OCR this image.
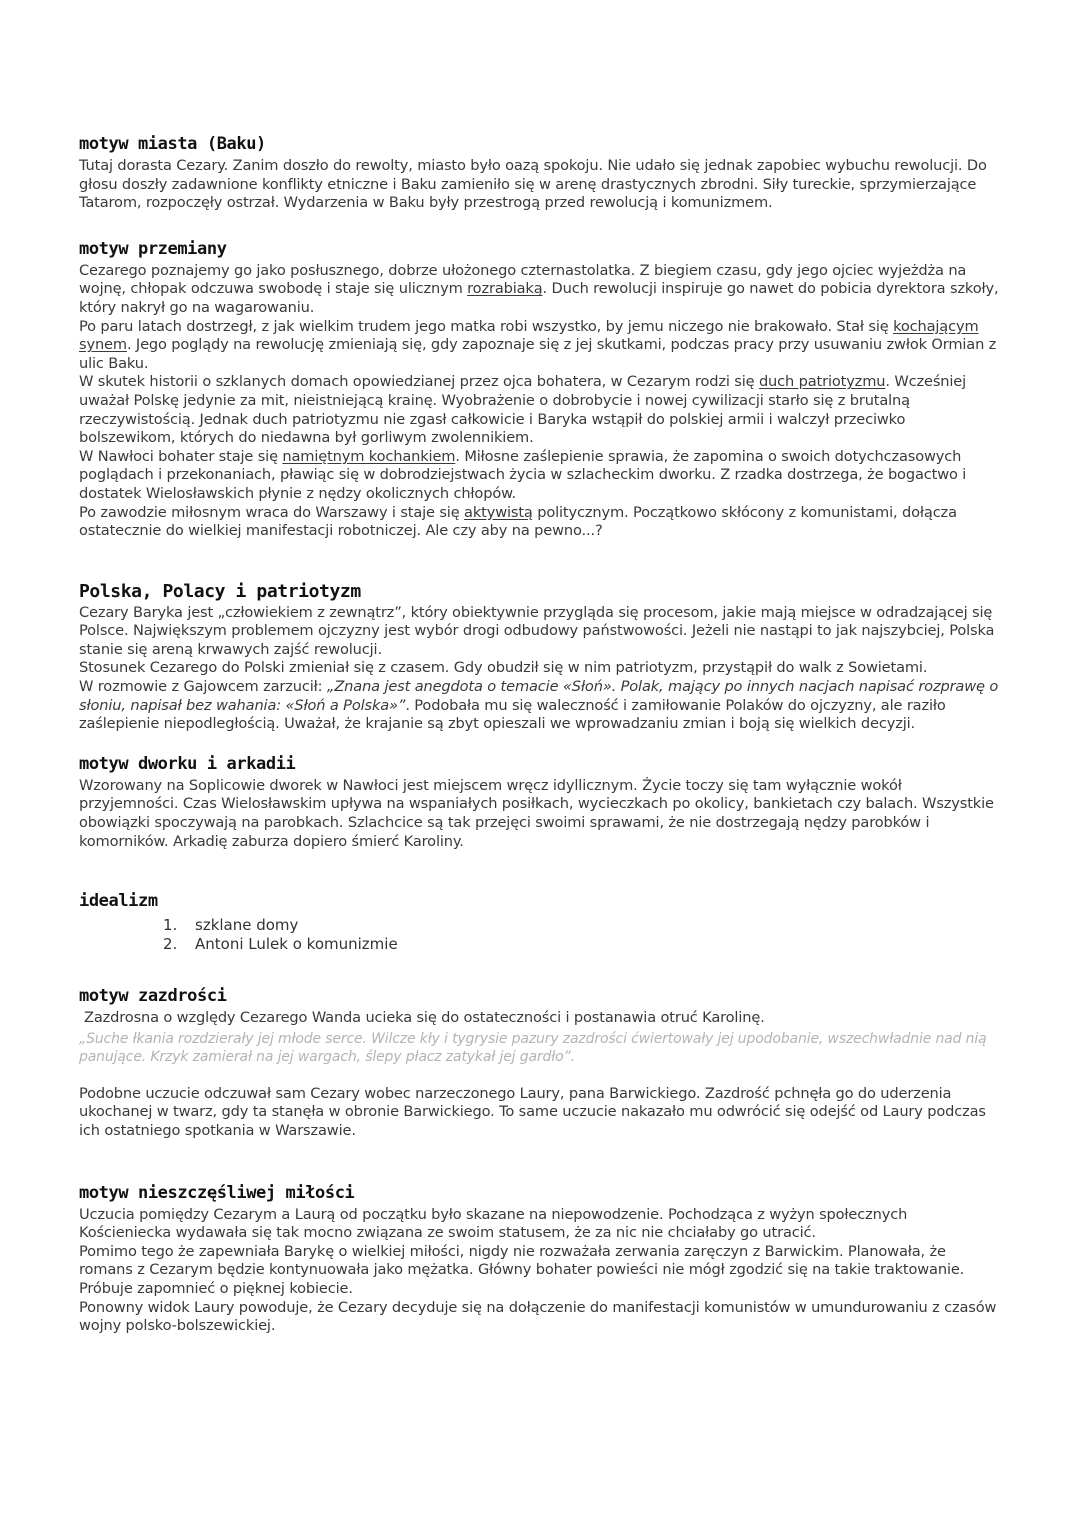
motyw miasta (Baku)

Tutaj dorasta Cezary. Zanim doszło do rewolty, miasto było oazą spokoju. Nie udało się jednak zapobiec wybuchu rewolucji. Do głosu doszły zadawnione konflikty etniczne i Baku zamieniło się w arenę drastycznych zbrodni. Siły tureckie, sprzymierzające Tatarom, rozpoczęły ostrzał. Wydarzenia w Baku były przestrogą przed rewolucją i komunizmem.

motyw przemiany

Cezarego poznajemy go jako posłusznego, dobrze ułożonego czternastolatka. Z biegiem czasu, gdy jego ojciec wyjeżdża na wojnę, chłopak odczuwa swobodę i staje się ulicznym rozrabiaką. Duch rewolucji inspiruje go nawet do pobicia dyrektora szkoły, który nakrył go na wagarowaniu.

Po paru latach dostrzegł, z jak wielkim trudem jego matka robi wszystko, by jemu niczego nie brakowało. Stał się kochającym synem. Jego poglądy na rewolucję zmieniają się, gdy zapoznaje się z jej skutkami, podczas pracy przy usuwaniu zwłok Ormian z ulic Baku.

W skutek historii o szklanych domach opowiedzianej przez ojca bohatera, w Cezarym rodzi się duch patriotyzmu. Wcześniej uważał Polskę jedynie za mit, nieistniejącą krainę. Wyobrażenie o dobrobycie i nowej cywilizacji starło się z brutalną rzeczywistością. Jednak duch patriotyzmu nie zgasł całkowicie i Baryka wstąpił do polskiej armii i walczył przeciwko bolszewikom, których do niedawna był gorliwym zwolennikiem.

W Nawłoci bohater staje się namiętnym kochankiem. Miłosne zaślepienie sprawia, że zapomina o swoich dotychczasowych poglądach i przekonaniach, pławiąc się w dobrodziejstwach życia w szlacheckim dworku. Z rzadka dostrzega, że bogactwo i dostatek Wielosławskich płynie z nędzy okolicznych chłopów.

Po zawodzie miłosnym wraca do Warszawy i staje się aktywistą politycznym. Początkowo skłócony z komunistami, dołącza ostatecznie do wielkiej manifestacji robotniczej. Ale czy aby na pewno...?

Polska, Polacy i patriotyzm

Cezary Baryka jest „człowiekiem z zewnątrz”, który obiektywnie przygląda się procesom, jakie mają miejsce w odradzającej się Polsce. Największym problemem ojczyzny jest wybór drogi odbudowy państwowości. Jeżeli nie nastąpi to jak najszybciej, Polska stanie się areną krwawych zajść rewolucji.

Stosunek Cezarego do Polski zmieniał się z czasem. Gdy obudził się w nim patriotyzm, przystąpił do walk z Sowietami.

W rozmowie z Gajowcem zarzucił: „Znana jest anegdota o temacie «Słoń». Polak, mający po innych nacjach napisać rozprawę o słoniu, napisał bez wahania: «Słoń a Polska»”. Podobała mu się waleczność i zamiłowanie Polaków do ojczyzny, ale raziło zaślepienie niepodległością. Uważał, że krajanie są zbyt opieszali we wprowadzaniu zmian i boją się wielkich decyzji.

motyw dworku i arkadii

Wzorowany na Soplicowie dworek w Nawłoci jest miejscem wręcz idyllicznym. Życie toczy się tam wyłącznie wokół przyjemności. Czas Wielosławskim upływa na wspaniałych posiłkach, wycieczkach po okolicy, bankietach czy balach. Wszystkie obowiązki spoczywają na parobkach. Szlachcice są tak przejęci swoimi sprawami, że nie dostrzegają nędzy parobków i komorników. Arkadię zaburza dopiero śmierć Karoliny.

idealizm
1. szklane domy
2. Antoni Lulek o komunizmie
motyw zazdrości

Zazdrosna o względy Cezarego Wanda ucieka się do ostateczności i postanawia otruć Karolinę.

„Suche łkania rozdzierały jej młode serce. Wilcze kły i tygrysie pazury zazdrości ćwiertowały jej upodobanie, wszechwładnie nad nią panujące. Krzyk zamierał na jej wargach, ślepy płacz zatykał jej gardło”.

Podobne uczucie odczuwał sam Cezary wobec narzeczonego Laury, pana Barwickiego. Zazdrość pchnęła go do uderzenia ukochanej w twarz, gdy ta stanęła w obronie Barwickiego. To same uczucie nakazało mu odwrócić się odejść od Laury podczas ich ostatniego spotkania w Warszawie.

motyw nieszczęśliwej miłości

Uczucia pomiędzy Cezarym a Laurą od początku było skazane na niepowodzenie. Pochodząca z wyżyn społecznych Kościeniecka wydawała się tak mocno związana ze swoim statusem, że za nic nie chciałaby go utracić.

Pomimo tego że zapewniała Barykę o wielkiej miłości, nigdy nie rozważała zerwania zaręczyn z Barwickim. Planowała, że romans z Cezarym będzie kontynuowała jako mężatka. Główny bohater powieści nie mógł zgodzić się na takie traktowanie. Próbuje zapomnieć o pięknej kobiecie.

Ponowny widok Laury powoduje, że Cezary decyduje się na dołączenie do manifestacji komunistów w umundurowaniu z czasów wojny polsko-bolszewickiej.
